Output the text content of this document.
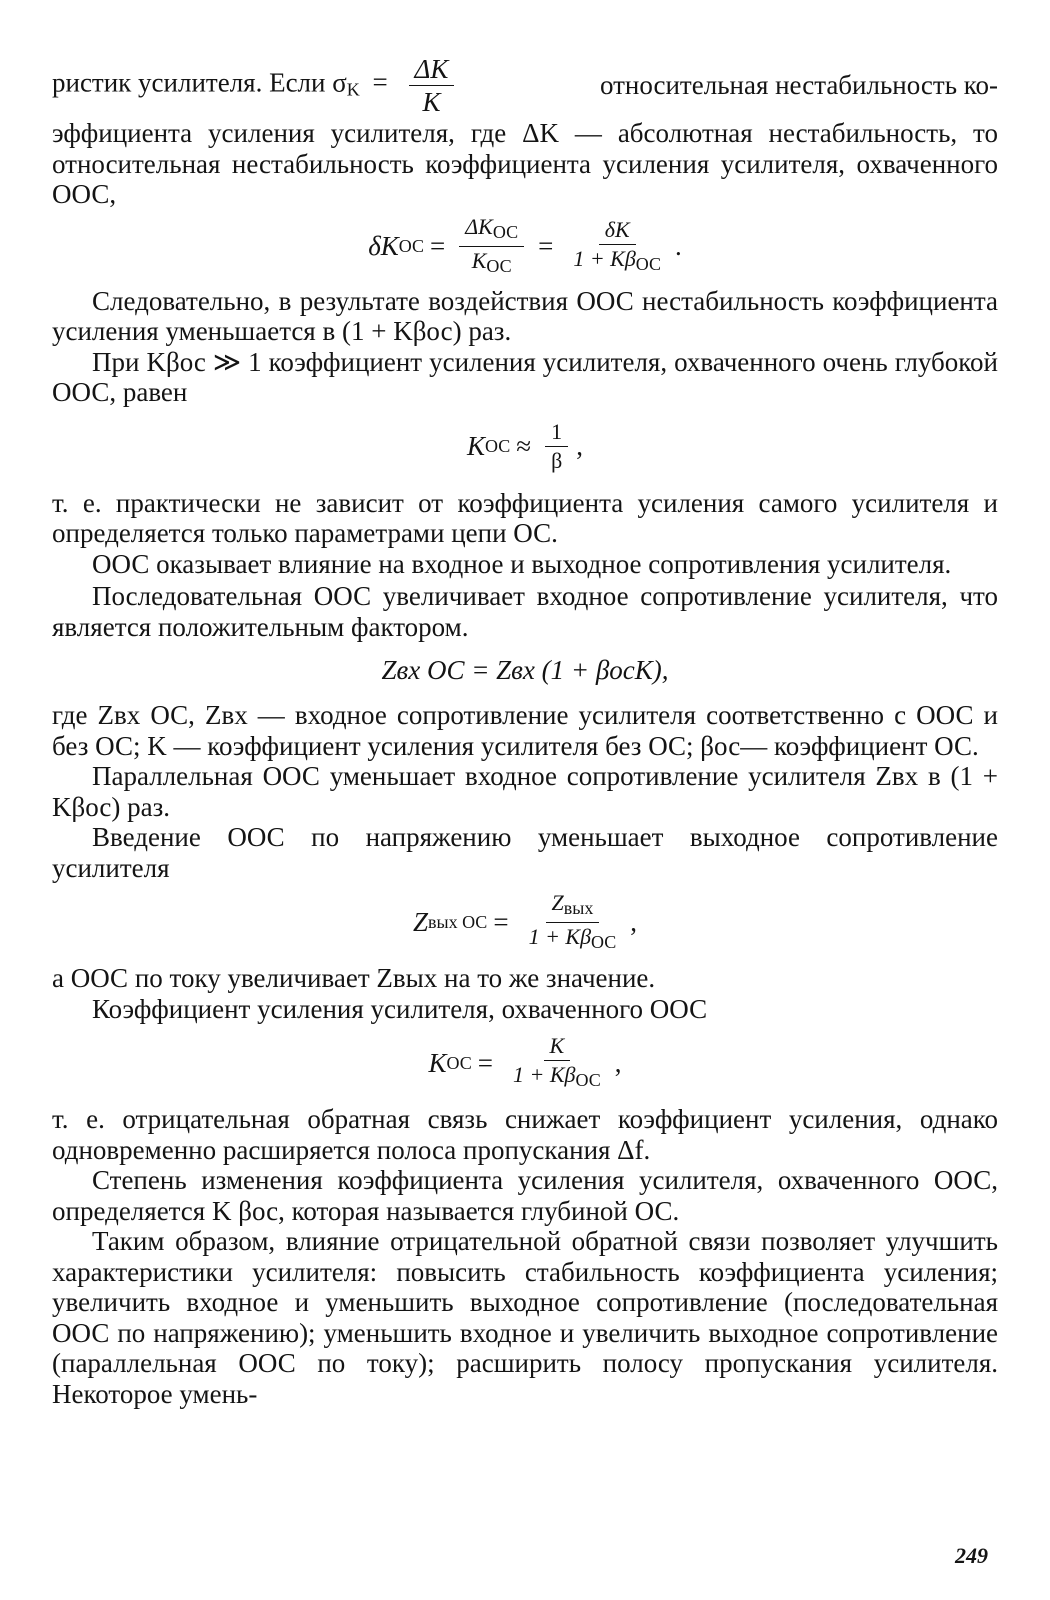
ристик усилителя. Если $\sigma_K = \frac{\Delta K}{K}$	относительная нестабильность ко-

эффициента усиления усилителя, где ΔK — абсолютная нестабильность, то относительная нестабильность коэффициента усиления усилителя, охваченного ООС,

δK ОС = $\frac{\Delta K_{ОС}}{K_{ОС}} = \frac{\delta K}{1 + K\beta_{ОС}}$ .

Следовательно, в результате воздействия ООС нестабильность коэффициента усиления уменьшается в (1 + Kβос) раз.

При Kβос ≫ 1 коэффициент усиления усилителя, охваченного очень глубокой ООС, равен

K ОС ≈ $\frac{1}{\beta}$ ,

т. е. практически не зависит от коэффициента усиления самого усилителя и определяется только параметрами цепи ОС.

ООС оказывает влияние на входное и выходное сопротивления усилителя.

Последовательная ООС увеличивает входное сопротивление усилителя, что является положительным фактором.

Zвх ОС = Zвх (1 + βосK),

где Zвх ОС, Zвх — входное сопротивление усилителя соответственно с ООС и без ОС; K — коэффициент усиления усилителя без ОС; βос— коэффициент ОС.

Параллельная ООС уменьшает входное сопротивление усилителя Zвх в (1 + Kβос) раз.

Введение ООС по напряжению уменьшает выходное сопротивление усилителя

Z вых ОС = $\frac{Z_{вых}}{1 + K\beta_{ОС}}$ ,

а ООС по току увеличивает Zвых на то же значение.

Коэффициент усиления усилителя, охваченного ООС

K ОС = $\frac{K}{1 + K\beta_{ОС}}$ ,

т. е. отрицательная обратная связь снижает коэффициент усиления, однако одновременно расширяется полоса пропускания Δf.

Степень изменения коэффициента усиления усилителя, охваченного ООС, определяется K βос, которая называется глубиной ОС.

Таким образом, влияние отрицательной обратной связи позволяет улучшить характеристики усилителя: повысить стабильность коэффициента усиления; увеличить входное и уменьшить выходное сопротивление (последовательная ООС по напряжению); уменьшить входное и увеличить выходное сопротивление (параллельная ООС по току); расширить полосу пропускания усилителя. Некоторое умень-

249
